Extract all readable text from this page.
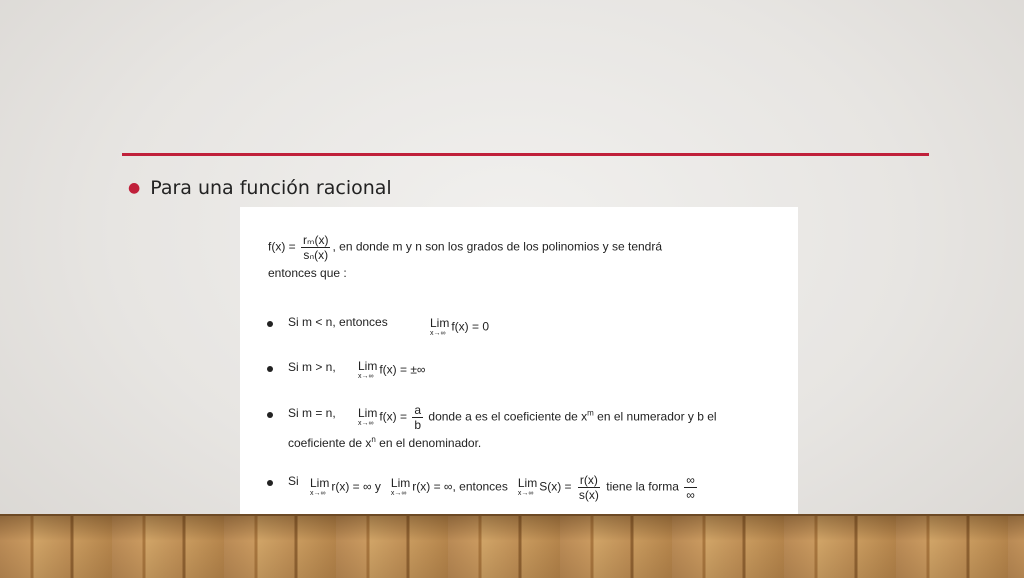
● Para una función racional
$f(x) = \frac{\text{rₘ(x)}}{\text{sₙ(x)}}$ , en donde m y n son los grados de los polinomios y se tendrá
entonces que :
Si m < n, entonces	Lim
x→∞ f(x) = 0
Si m > n, Lim
x→∞ f(x) = ±∞
Si m = n, Lim
x→∞ $f(x) = \frac{a}{b}$ donde a es el coeficiente de $x^m$ en el numerador y b el
coeficiente de $x^n$ en el denominador.
Si Lim
x→∞ r(x) = ∞ y Lim
x→∞ r(x) = ∞, entonces Lim
x→∞ $S(x) = \frac{r(x)}{s(x)}$ tiene la forma $\frac{\infty}{\infty}$
